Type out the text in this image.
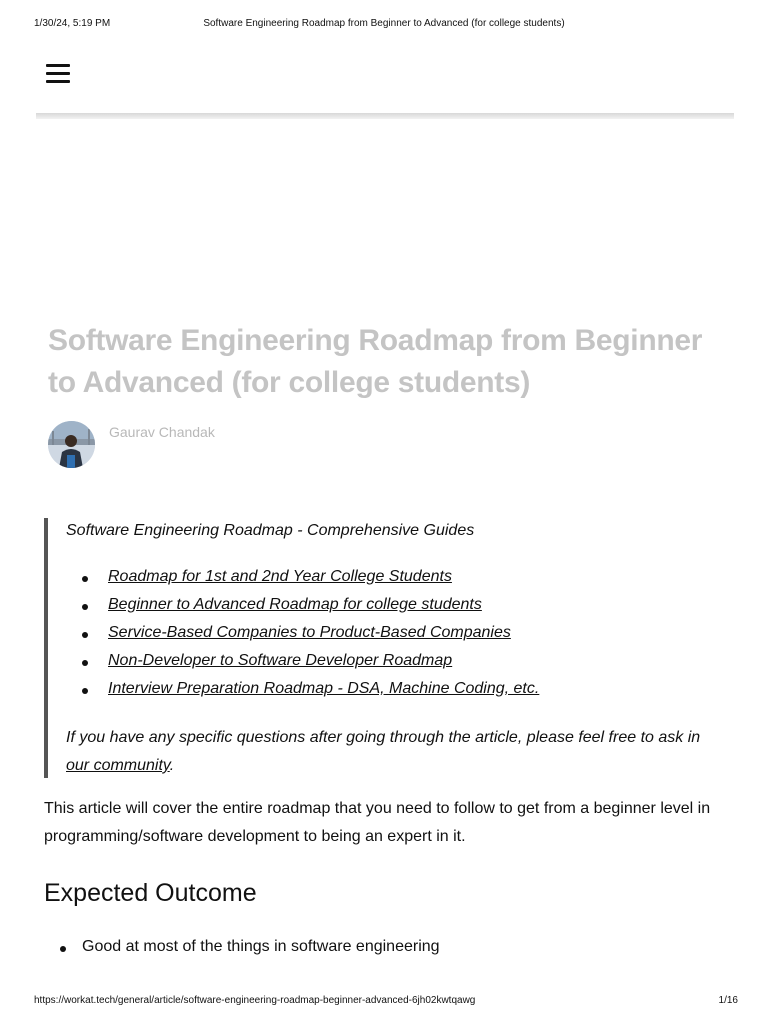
1/30/24, 5:19 PM	Software Engineering Roadmap from Beginner to Advanced (for college students)
Software Engineering Roadmap from Beginner to Advanced (for college students)
Gaurav Chandak

Software Engineering Roadmap - Comprehensive Guides

Roadmap for 1st and 2nd Year College Students
Beginner to Advanced Roadmap for college students
Service-Based Companies to Product-Based Companies
Non-Developer to Software Developer Roadmap
Interview Preparation Roadmap - DSA, Machine Coding, etc.

If you have any specific questions after going through the article, please feel free to ask in our community.

This article will cover the entire roadmap that you need to follow to get from a beginner level in programming/software development to being an expert in it.

Expected Outcome
Good at most of the things in software engineering
https://workat.tech/general/article/software-engineering-roadmap-beginner-advanced-6jh02kwtqawg	1/16
